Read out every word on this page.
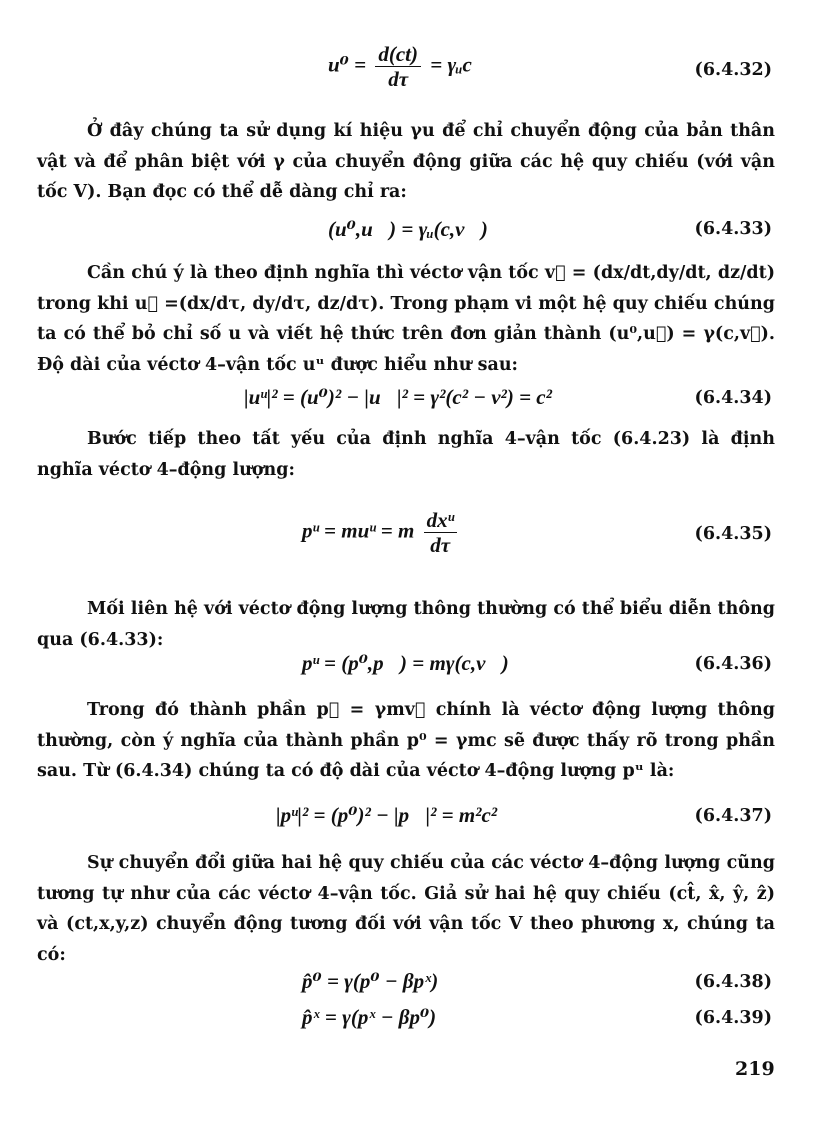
$u^0 = \frac{d(ct)}{d\tau}$ = γᵤc	(6.4.32)

Ở đây chúng ta sử dụng kí hiệu γu để chỉ chuyển động của bản thân vật và để phân biệt với γ của chuyển động giữa các hệ quy chiếu (với vận tốc V). Bạn đọc có thể dễ dàng chỉ ra:

(u⁰,u⃗) = γᵤ(c,v⃗)	(6.4.33)

Cần chú ý là theo định nghĩa thì véctơ vận tốc v⃗ = (dx/dt,dy/dt, dz/dt) trong khi u⃗ =(dx/dτ, dy/dτ, dz/dτ). Trong phạm vi một hệ quy chiếu chúng ta có thể bỏ chỉ số u và viết hệ thức trên đơn giản thành (u⁰,u⃗) = γ(c,v⃗). Độ dài của véctơ 4–vận tốc uᵘ được hiểu như sau:

|uᵘ|² = (u⁰)² − |u⃗|² = γ²(c² − v²) = c²	(6.4.34)

Bước tiếp theo tất yếu của định nghĩa 4–vận tốc (6.4.23) là định nghĩa véctơ 4–động lượng:

pᵘ = muᵘ = m $\frac{\text{dxᵘ}}{d\tau}$	(6.4.35)

Mối liên hệ với véctơ động lượng thông thường có thể biểu diễn thông qua (6.4.33):

pᵘ = (p⁰,p⃗) = mγ(c,v⃗)	(6.4.36)

Trong đó thành phần p⃗ = γmv⃗ chính là véctơ động lượng thông thường, còn ý nghĩa của thành phần p⁰ = γmc sẽ được thấy rõ trong phần sau. Từ (6.4.34) chúng ta có độ dài của véctơ 4–động lượng pᵘ là:

|pᵘ|² = (p⁰)² − |p⃗|² = m²c²	(6.4.37)

Sự chuyển đổi giữa hai hệ quy chiếu của các véctơ 4–động lượng cũng tương tự như của các véctơ 4–vận tốc. Giả sử hai hệ quy chiếu (ct̂, x̂, ŷ, ẑ) và (ct,x,y,z) chuyển động tương đối với vận tốc V theo phương x, chúng ta có:

p̂⁰ = γ(p⁰ − βpˣ)	(6.4.38)
p̂ˣ = γ(pˣ − βp⁰)	(6.4.39)
219
